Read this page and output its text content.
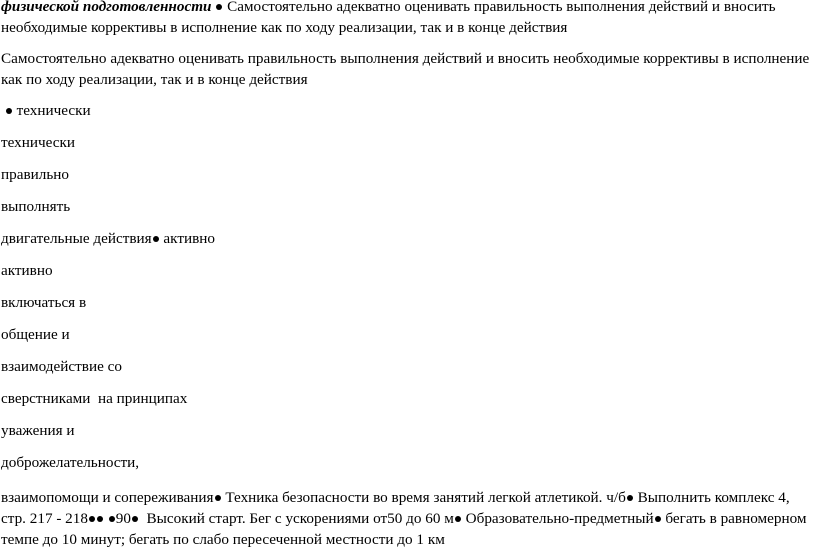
физической подготовленности Самостоятельно адекватно оценивать правильность выполнения действий и вносить необходимые коррективы в исполнение как по ходу реализации, так и в конце действия

Самостоятельно адекватно оценивать правильность выполнения действий и вносить необходимые коррективы в исполнение как по ходу реализации, так и в конце действия

технически

технически

правильно

выполнять

двигательные действия активно

активно

включаться в

общение и

взаимодействие со

сверстниками  на принципах

уважения и

доброжелательности,

взаимопомощи и сопереживания Техника безопасности во время занятий легкой атлетикой. ч/б Выполнить комплекс 4, стр. 217 - 218 90 Высокий старт. Бег с ускорениями от50 до 60 м Образовательно-предметный бегать в равномерном темпе до 10 минут; бегать по слабо пересеченной местности до 1 км
